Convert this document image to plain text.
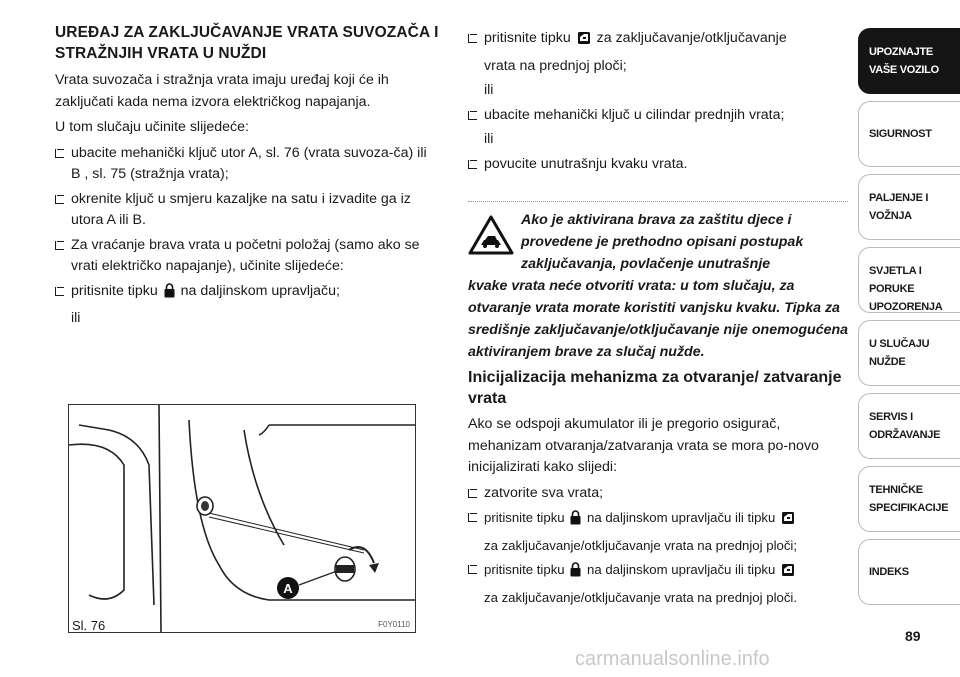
UREĐAJ ZA ZAKLJUČAVANJE VRATA SUVOZAČA I STRAŽNJIH VRATA U NUŽDI
Vrata suvozača i stražnja vrata imaju uređaj koji će ih zaključati kada nema izvora električkog napajanja.
U tom slučaju učinite slijedeće:
ubacite mehanički ključ utor A, sl. 76 (vrata suvoza-ča) ili B , sl. 75 (stražnja vrata);
okrenite ključ u smjeru kazaljke na satu i izvadite ga iz utora A ili B.
Za vraćanje brava vrata u početni položaj (samo ako se vrati električko napajanje), učinite slijedeće:
pritisnite tipku na daljinskom upravljaču;
ili
A
Sl. 76	F0Y0110
pritisnite tipku za zaključavanje/otključavanje
vrata na prednjoj ploči;
ili
ubacite mehanički ključ u cilindar prednjih vrata;
ili
povucite unutrašnju kvaku vrata.
Ako je aktivirana brava za zaštitu djece i
provedene je prethodno opisani postupak
zaključavanja, povlačenje unutrašnje
kvake vrata neće otvoriti vrata: u tom slučaju, za otvaranje vrata morate koristiti vanjsku kvaku. Tipka za središnje zaključavanje/otključavanje nije onemogućena aktiviranjem brave za slučaj nužde.
Inicijalizacija mehanizma za otvaranje/ zatvaranje vrata
Ako se odspoji akumulator ili je pregorio osigurač, mehanizam otvaranja/zatvaranja vrata se mora po-novo inicijalizirati kako slijedi:
zatvorite sva vrata;
pritisnite tipku na daljinskom upravljaču ili tipku
za zaključavanje/otključavanje vrata na prednjoj ploči;
pritisnite tipku na daljinskom upravljaču ili tipku
za zaključavanje/otključavanje vrata na prednjoj ploči.
UPOZNAJTE
VAŠE VOZILO
SIGURNOST
PALJENJE I
VOŽNJA
SVJETLA I PORUKE
UPOZORENJA
U SLUČAJU
NUŽDE
SERVIS I
ODRŽAVANJE
TEHNIČKE
SPECIFIKACIJE
INDEKS
89
carmanualsonline.info
